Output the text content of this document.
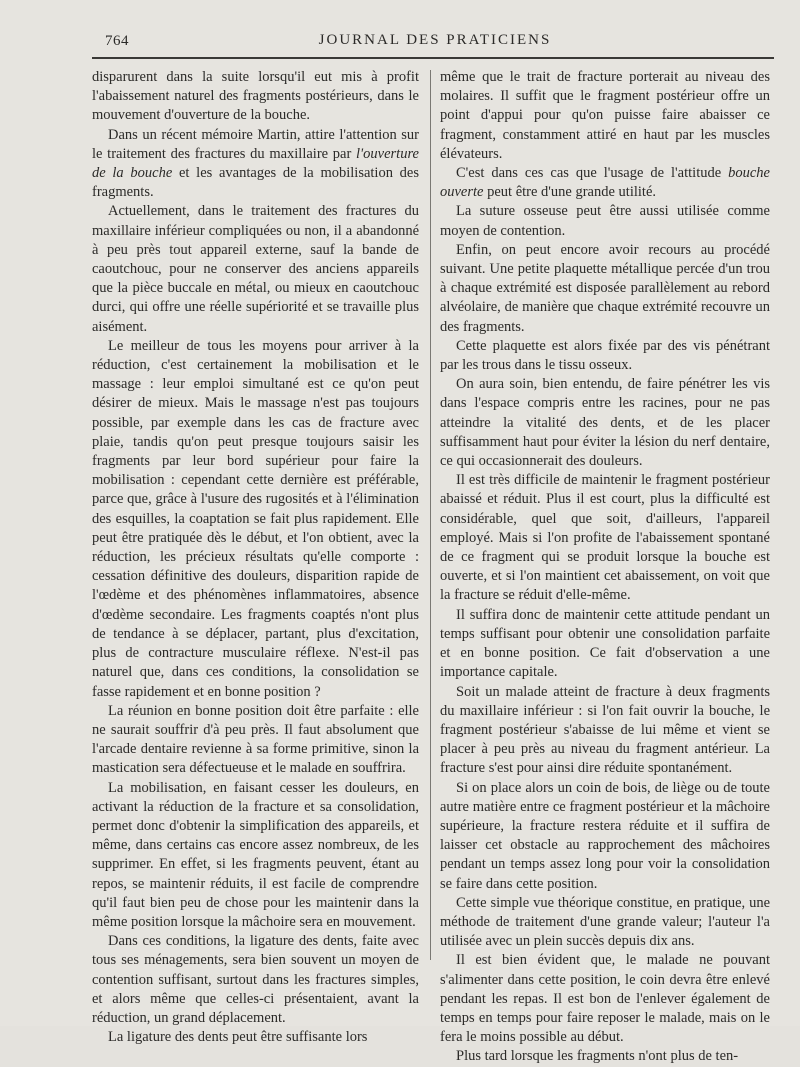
764	JOURNAL DES PRATICIENS

disparurent dans la suite lorsqu'il eut mis à profit l'abaissement naturel des fragments postérieurs, dans le mouvement d'ouverture de la bouche.

Dans un récent mémoire Martin, attire l'attention sur le traitement des fractures du maxillaire par l'ouverture de la bouche et les avantages de la mobilisation des fragments.

Actuellement, dans le traitement des fractures du maxillaire inférieur compliquées ou non, il a abandonné à peu près tout appareil externe, sauf la bande de caoutchouc, pour ne conserver des anciens appareils que la pièce buccale en métal, ou mieux en caoutchouc durci, qui offre une réelle supériorité et se travaille plus aisément.

Le meilleur de tous les moyens pour arriver à la réduction, c'est certainement la mobilisation et le massage : leur emploi simultané est ce qu'on peut désirer de mieux. Mais le massage n'est pas toujours possible, par exemple dans les cas de fracture avec plaie, tandis qu'on peut presque toujours saisir les fragments par leur bord supérieur pour faire la mobilisation : cependant cette dernière est préférable, parce que, grâce à l'usure des rugosités et à l'élimination des esquilles, la coaptation se fait plus rapidement. Elle peut être pratiquée dès le début, et l'on obtient, avec la réduction, les précieux résultats qu'elle comporte : cessation définitive des douleurs, disparition rapide de l'œdème et des phénomènes inflammatoires, absence d'œdème secondaire. Les fragments coaptés n'ont plus de tendance à se déplacer, partant, plus d'excitation, plus de contracture musculaire réflexe. N'est-il pas naturel que, dans ces conditions, la consolidation se fasse rapidement et en bonne position ?

La réunion en bonne position doit être parfaite : elle ne saurait souffrir d'à peu près. Il faut absolument que l'arcade dentaire revienne à sa forme primitive, sinon la mastication sera défectueuse et le malade en souffrira.

La mobilisation, en faisant cesser les douleurs, en activant la réduction de la fracture et sa consolidation, permet donc d'obtenir la simplification des appareils, et même, dans certains cas encore assez nombreux, de les supprimer. En effet, si les fragments peuvent, étant au repos, se maintenir réduits, il est facile de comprendre qu'il faut bien peu de chose pour les maintenir dans la même position lorsque la mâchoire sera en mouvement.

Dans ces conditions, la ligature des dents, faite avec tous ses ménagements, sera bien souvent un moyen de contention suffisant, surtout dans les fractures simples, et alors même que celles-ci présentaient, avant la réduction, un grand déplacement.

La ligature des dents peut être suffisante lors

même que le trait de fracture porterait au niveau des molaires. Il suffit que le fragment postérieur offre un point d'appui pour qu'on puisse faire abaisser ce fragment, constamment attiré en haut par les muscles élévateurs.

C'est dans ces cas que l'usage de l'attitude bouche ouverte peut être d'une grande utilité.

La suture osseuse peut être aussi utilisée comme moyen de contention.

Enfin, on peut encore avoir recours au procédé suivant. Une petite plaquette métallique percée d'un trou à chaque extrémité est disposée parallèlement au rebord alvéolaire, de manière que chaque extrémité recouvre un des fragments.

Cette plaquette est alors fixée par des vis pénétrant par les trous dans le tissu osseux.

On aura soin, bien entendu, de faire pénétrer les vis dans l'espace compris entre les racines, pour ne pas atteindre la vitalité des dents, et de les placer suffisamment haut pour éviter la lésion du nerf dentaire, ce qui occasionnerait des douleurs.

Il est très difficile de maintenir le fragment postérieur abaissé et réduit. Plus il est court, plus la difficulté est considérable, quel que soit, d'ailleurs, l'appareil employé. Mais si l'on profite de l'abaissement spontané de ce fragment qui se produit lorsque la bouche est ouverte, et si l'on maintient cet abaissement, on voit que la fracture se réduit d'elle-même.

Il suffira donc de maintenir cette attitude pendant un temps suffisant pour obtenir une consolidation parfaite et en bonne position. Ce fait d'observation a une importance capitale.

Soit un malade atteint de fracture à deux fragments du maxillaire inférieur : si l'on fait ouvrir la bouche, le fragment postérieur s'abaisse de lui même et vient se placer à peu près au niveau du fragment antérieur. La fracture s'est pour ainsi dire réduite spontanément.

Si on place alors un coin de bois, de liège ou de toute autre matière entre ce fragment postérieur et la mâchoire supérieure, la fracture restera réduite et il suffira de laisser cet obstacle au rapprochement des mâchoires pendant un temps assez long pour voir la consolidation se faire dans cette position.

Cette simple vue théorique constitue, en pratique, une méthode de traitement d'une grande valeur; l'auteur l'a utilisée avec un plein succès depuis dix ans.

Il est bien évident que, le malade ne pouvant s'alimenter dans cette position, le coin devra être enlevé pendant les repas. Il est bon de l'enlever également de temps en temps pour faire reposer le malade, mais on le fera le moins possible au début.

Plus tard lorsque les fragments n'ont plus de ten-
